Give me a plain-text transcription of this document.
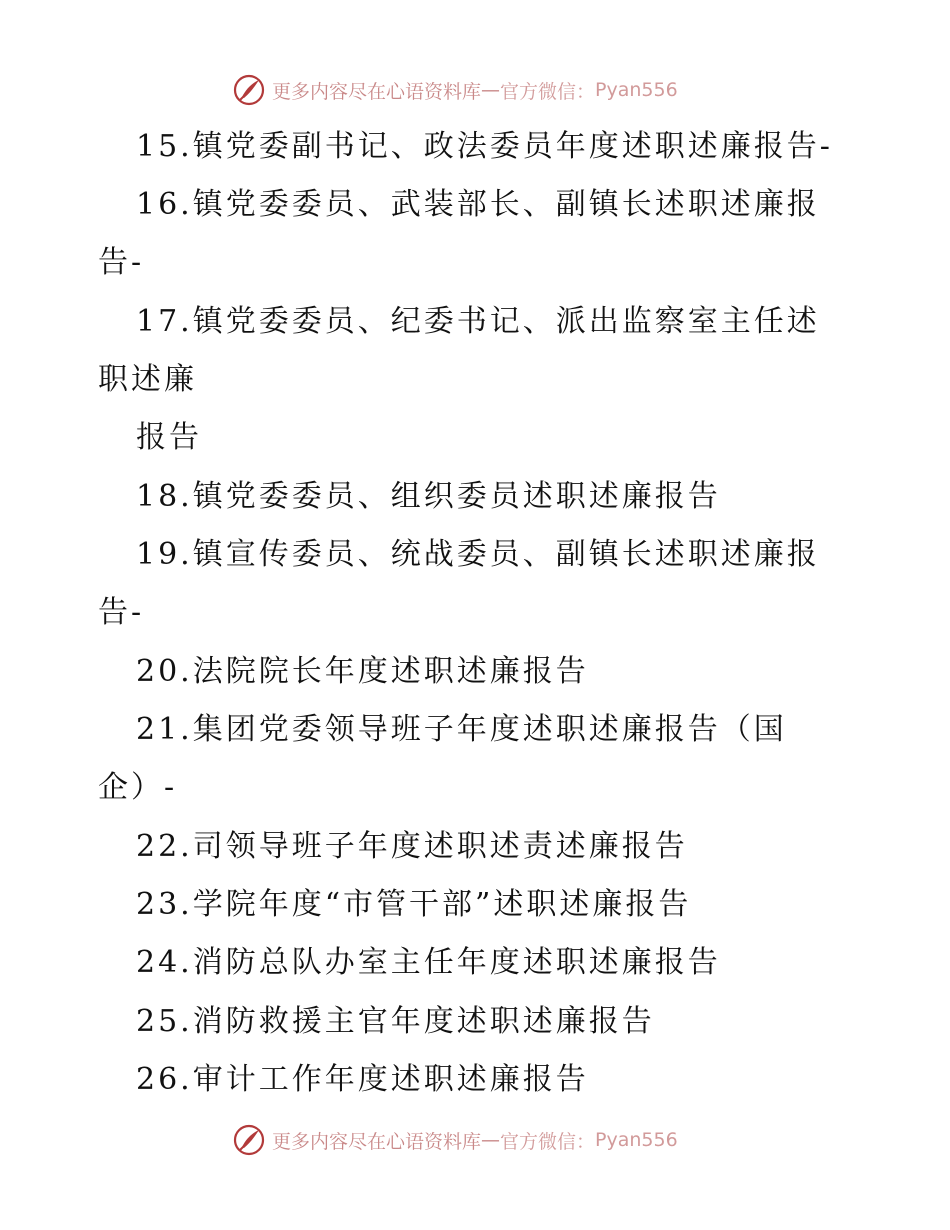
更多内容尽在心语资料库 — 官方微信： Pyan556
15.镇党委副书记、政法委员年度述职述廉报告-
16.镇党委委员、武装部长、副镇长述职述廉报
告-
17.镇党委委员、纪委书记、派出监察室主任述
职述廉
报告
18.镇党委委员、组织委员述职述廉报告
19.镇宣传委员、统战委员、副镇长述职述廉报
告-
20.法院院长年度述职述廉报告
21.集团党委领导班子年度述职述廉报告（国
企）-
22.司领导班子年度述职述责述廉报告
23.学院年度“市管干部”述职述廉报告
24.消防总队办室主任年度述职述廉报告
25.消防救援主官年度述职述廉报告
26.审计工作年度述职述廉报告
更多内容尽在心语资料库 — 官方微信： Pyan556
